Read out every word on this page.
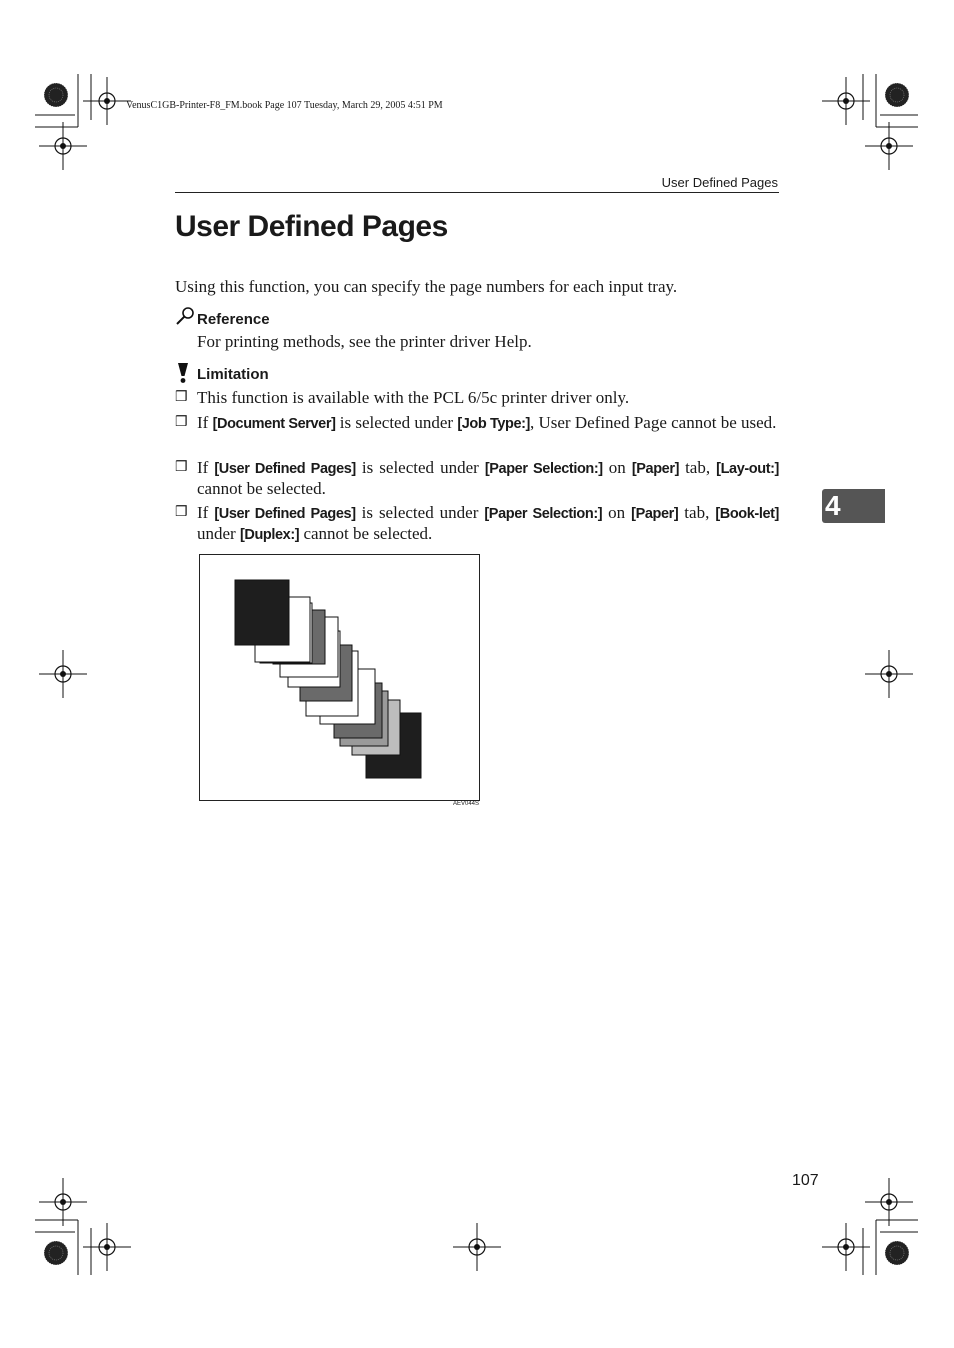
VenusC1GB-Printer-F8_FM.book Page 107 Tuesday, March 29, 2005 4:51 PM
User Defined Pages
User Defined Pages
Using this function, you can specify the page numbers for each input tray.
Reference
For printing methods, see the printer driver Help.
Limitation
❒ This function is available with the PCL 6/5c printer driver only.
❒ If [Document Server] is selected under [Job Type:], User Defined Page cannot be used.
❒ If [User Defined Pages] is selected under [Paper Selection:] on [Paper] tab, [Lay-out:] cannot be selected.
❒ If [User Defined Pages] is selected under [Paper Selection:] on [Paper] tab, [Book-let] under [Duplex:] cannot be selected.
4
AEV044S
107
